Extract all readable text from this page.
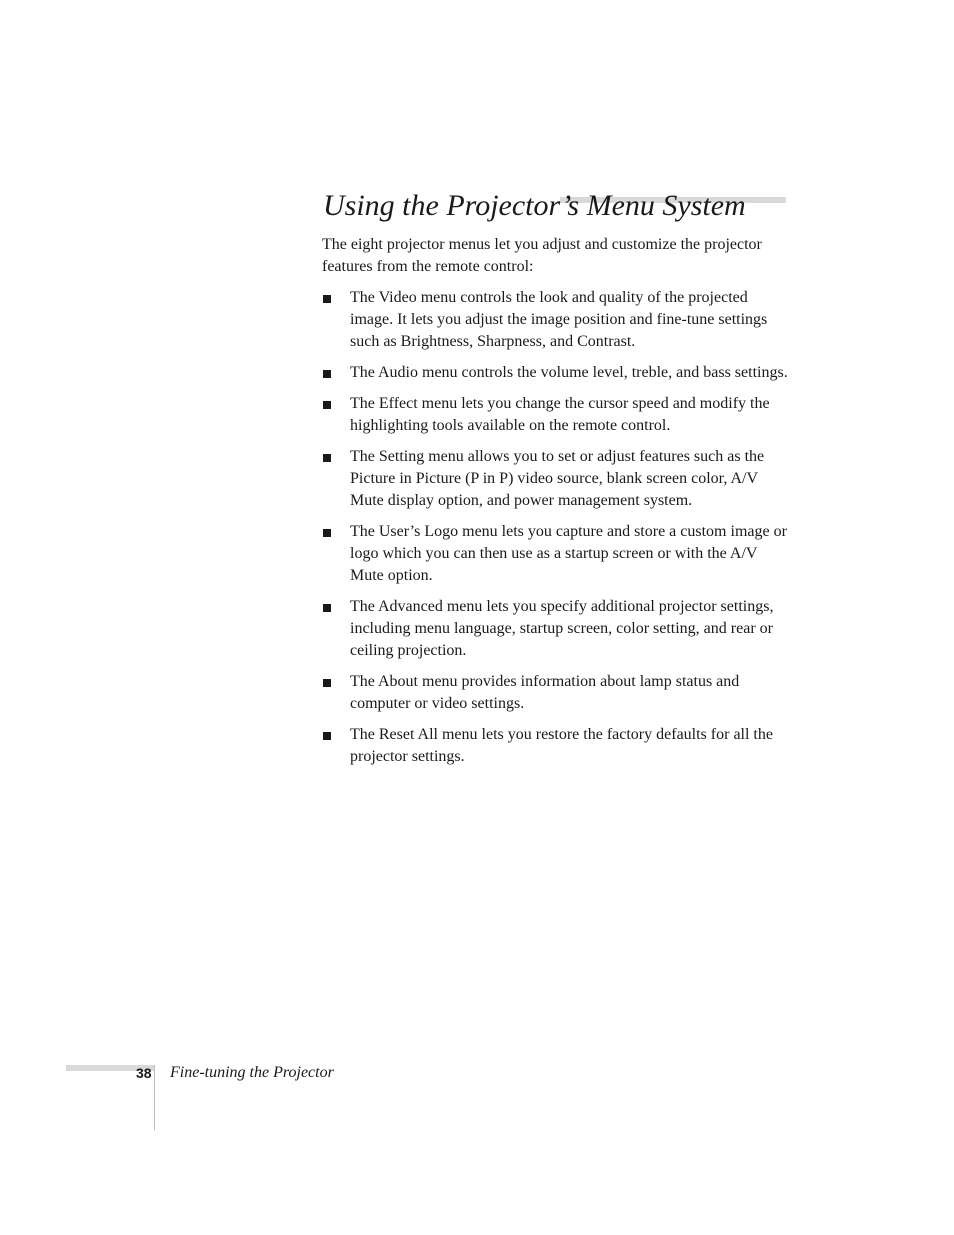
Using the Projector’s Menu System

The eight projector menus let you adjust and customize the projector features from the remote control:

The Video menu controls the look and quality of the projected image. It lets you adjust the image position and fine-tune settings such as Brightness, Sharpness, and Contrast.
The Audio menu controls the volume level, treble, and bass settings.
The Effect menu lets you change the cursor speed and modify the highlighting tools available on the remote control.
The Setting menu allows you to set or adjust features such as the Picture in Picture (P in P) video source, blank screen color, A/V Mute display option, and power management system.
The User’s Logo menu lets you capture and store a custom image or logo which you can then use as a startup screen or with the A/V Mute option.
The Advanced menu lets you specify additional projector settings, including menu language, startup screen, color setting, and rear or ceiling projection.
The About menu provides information about lamp status and computer or video settings.
The Reset All menu lets you restore the factory defaults for all the projector settings.
38 Fine-tuning the Projector
